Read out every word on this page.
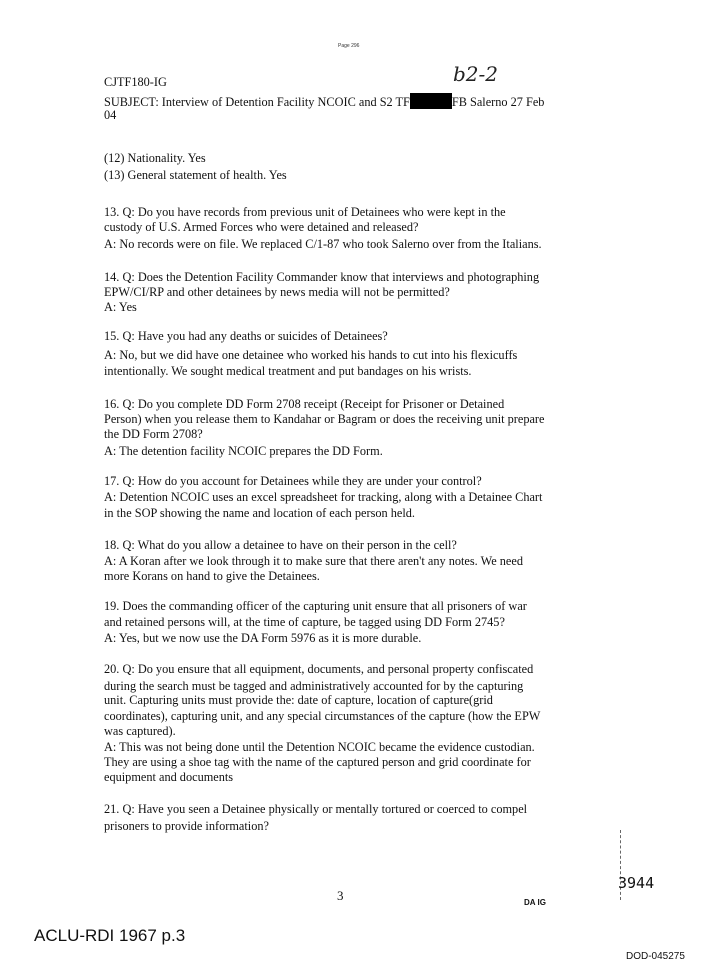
Page 296
b2-2
CJTF180-IG
SUBJECT: Interview of Detention Facility NCOIC and S2 TF	FB Salerno 27 Feb
04
(12) Nationality. Yes
(13) General statement of health. Yes
13. Q: Do you have records from previous unit of Detainees who were kept in the
custody of U.S. Armed Forces who were detained and released?
A: No records were on file. We replaced C/1-87 who took Salerno over from the Italians.
14. Q: Does the Detention Facility Commander know that interviews and photographing
EPW/CI/RP and other detainees by news media will not be permitted?
A: Yes
15. Q: Have you had any deaths or suicides of Detainees?
A: No, but we did have one detainee who worked his hands to cut into his flexicuffs
intentionally. We sought medical treatment and put bandages on his wrists.
16. Q: Do you complete DD Form 2708 receipt (Receipt for Prisoner or Detained
Person) when you release them to Kandahar or Bagram or does the receiving unit prepare
the DD Form 2708?
A: The detention facility NCOIC prepares the DD Form.
17. Q: How do you account for Detainees while they are under your control?
A: Detention NCOIC uses an excel spreadsheet for tracking, along with a Detainee Chart
in the SOP showing the name and location of each person held.
18. Q: What do you allow a detainee to have on their person in the cell?
A: A Koran after we look through it to make sure that there aren't any notes. We need
more Korans on hand to give the Detainees.
19. Does the commanding officer of the capturing unit ensure that all prisoners of war
and retained persons will, at the time of capture, be tagged using DD Form 2745?
A: Yes, but we now use the DA Form 5976 as it is more durable.
20. Q: Do you ensure that all equipment, documents, and personal property confiscated
during the search must be tagged and administratively accounted for by the capturing
unit. Capturing units must provide the: date of capture, location of capture(grid
coordinates), capturing unit, and any special circumstances of the capture (how the EPW
was captured).
A: This was not being done until the Detention NCOIC became the evidence custodian.
They are using a shoe tag with the name of the captured person and grid coordinate for
equipment and documents
21. Q: Have you seen a Detainee physically or mentally tortured or coerced to compel
prisoners to provide information?
3944
3	DA IG
ACLU-RDI 1967 p.3
DOD-045275
